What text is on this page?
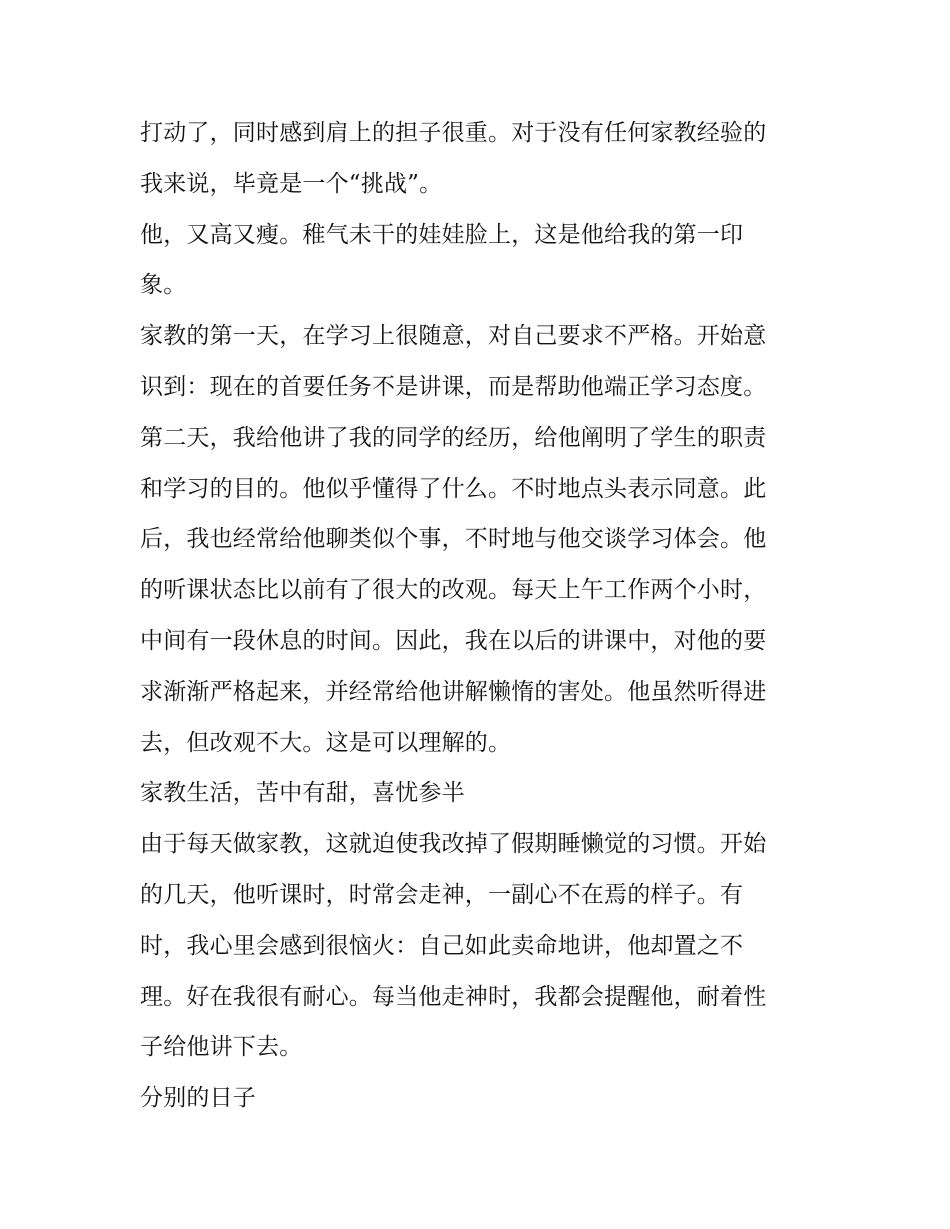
打动了，同时感到肩上的担子很重。对于没有任何家教经验的
我来说，毕竟是一个“挑战”。
他，又高又瘦。稚气未干的娃娃脸上，这是他给我的第一印
象。
家教的第一天，在学习上很随意，对自己要求不严格。开始意
识到：现在的首要任务不是讲课，而是帮助他端正学习态度。
第二天，我给他讲了我的同学的经历，给他阐明了学生的职责
和学习的目的。他似乎懂得了什么。不时地点头表示同意。此
后，我也经常给他聊类似个事，不时地与他交谈学习体会。他
的听课状态比以前有了很大的改观。每天上午工作两个小时，
中间有一段休息的时间。因此，我在以后的讲课中，对他的要
求渐渐严格起来，并经常给他讲解懒惰的害处。他虽然听得进
去，但改观不大。这是可以理解的。
家教生活，苦中有甜，喜忧参半
由于每天做家教，这就迫使我改掉了假期睡懒觉的习惯。开始
的几天，他听课时，时常会走神，一副心不在焉的样子。有
时，我心里会感到很恼火：自己如此卖命地讲，他却置之不
理。好在我很有耐心。每当他走神时，我都会提醒他，耐着性
子给他讲下去。
分别的日子
